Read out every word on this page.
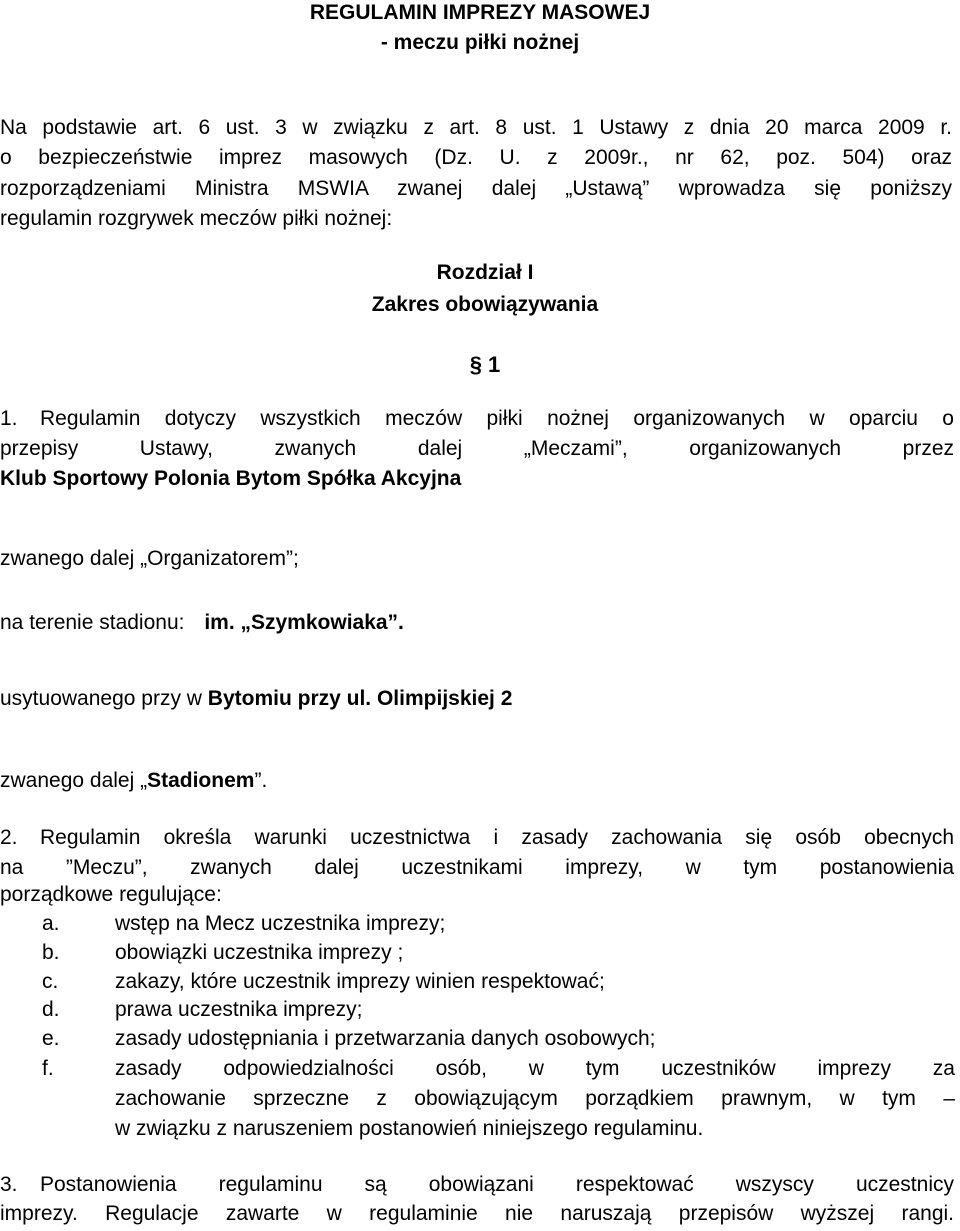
REGULAMIN IMPREZY MASOWEJ
- meczu piłki nożnej
Na podstawie art. 6 ust. 3 w związku z art. 8 ust. 1 Ustawy z dnia 20 marca 2009 r.
o bezpieczeństwie imprez masowych (Dz. U. z 2009r., nr 62, poz. 504) oraz
rozporządzeniami Ministra MSWIA zwanej dalej „Ustawą” wprowadza się poniższy
regulamin rozgrywek meczów piłki nożnej:
Rozdział I
Zakres obowiązywania
§ 1
1. Regulamin dotyczy wszystkich meczów piłki nożnej organizowanych w oparciu o
przepisy Ustawy, zwanych dalej „Meczami”, organizowanych przez
Klub Sportowy Polonia Bytom Spółka Akcyjna
zwanego dalej „Organizatorem”;
na terenie stadionu: im. „Szymkowiaka”.
usytuowanego przy w Bytomiu przy ul. Olimpijskiej 2
zwanego dalej „Stadionem”.
2. Regulamin określa warunki uczestnictwa i zasady zachowania się osób obecnych
na ”Meczu”, zwanych dalej uczestnikami imprezy, w tym postanowienia
porządkowe regulujące:
a.	wstęp na Mecz uczestnika imprezy;
b.	obowiązki uczestnika imprezy ;
c.	zakazy, które uczestnik imprezy winien respektować;
d.	prawa uczestnika imprezy;
e.	zasady udostępniania i przetwarzania danych osobowych;
f.	zasady odpowiedzialności osób, w tym uczestników imprezy za
zachowanie sprzeczne z obowiązującym porządkiem prawnym, w tym –
w związku z naruszeniem postanowień niniejszego regulaminu.
3. Postanowienia regulaminu są obowiązani respektować wszyscy uczestnicy
imprezy. Regulacje zawarte w regulaminie nie naruszają przepisów wyższej rangi.
